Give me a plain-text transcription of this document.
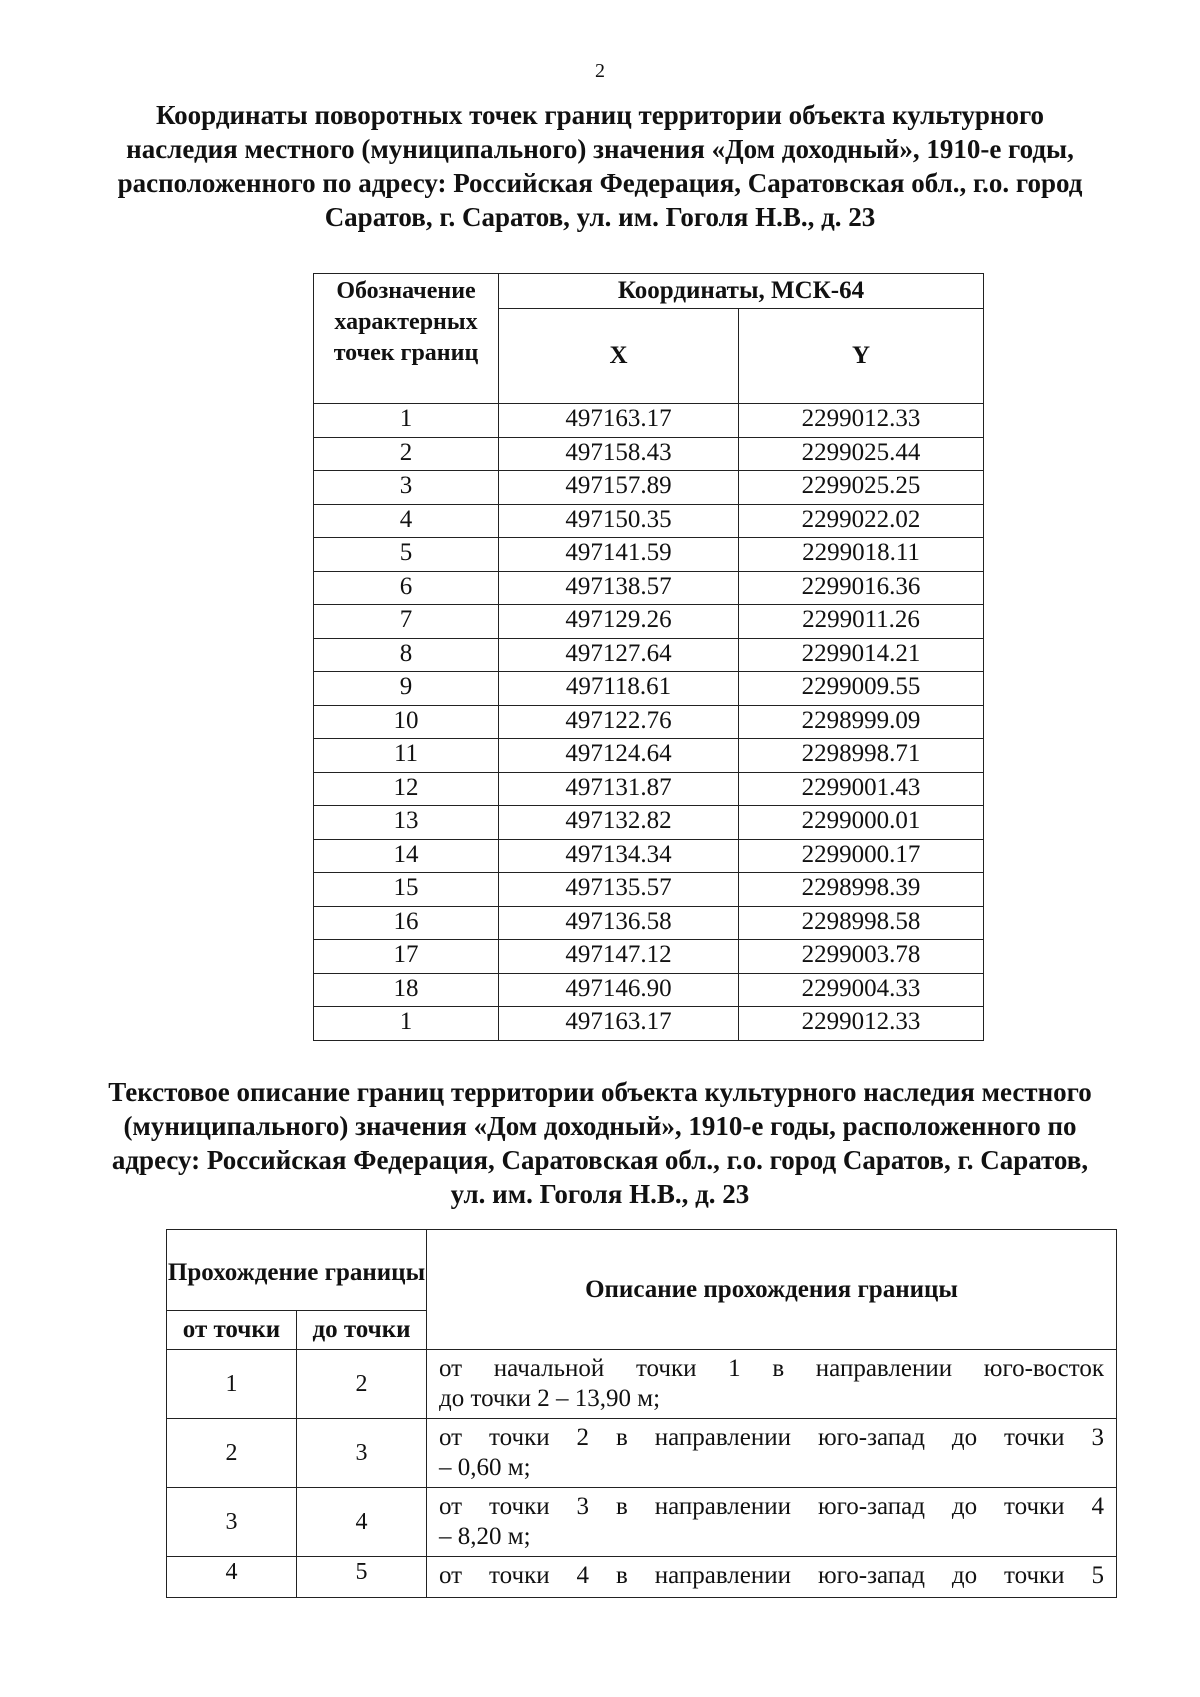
2
Координаты поворотных точек границ территории объекта культурного наследия местного (муниципального) значения «Дом доходный», 1910-е годы, расположенного по адресу: Российская Федерация, Саратовская обл., г.о. город Саратов, г. Саратов, ул. им. Гоголя Н.В., д. 23
Обозначение характерных точек границ	Координаты, МСК-64	
	X	Y
1	497163.17	2299012.33
2	497158.43	2299025.44
3	497157.89	2299025.25
4	497150.35	2299022.02
5	497141.59	2299018.11
6	497138.57	2299016.36
7	497129.26	2299011.26
8	497127.64	2299014.21
9	497118.61	2299009.55
10	497122.76	2298999.09
11	497124.64	2298998.71
12	497131.87	2299001.43
13	497132.82	2299000.01
14	497134.34	2299000.17
15	497135.57	2298998.39
16	497136.58	2298998.58
17	497147.12	2299003.78
18	497146.90	2299004.33
1	497163.17	2299012.33
Текстовое описание границ территории объекта культурного наследия местного (муниципального) значения «Дом доходный», 1910-е годы, расположенного по адресу: Российская Федерация, Саратовская обл., г.о. город Саратов, г. Саратов, ул. им. Гоголя Н.В., д. 23
Прохождение границы		Описание прохождения границы
от точки	до точки	
1	2	от начальной точки 1 в направлении юго-восток
до точки 2 – 13,90 м;

2	3	от точки 2 в направлении юго-запад до точки 3
– 0,60 м;

3	4	от точки 3 в направлении юго-запад до точки 4
– 8,20 м;

4	5	от точки 4 в направлении юго-запад до точки 5
